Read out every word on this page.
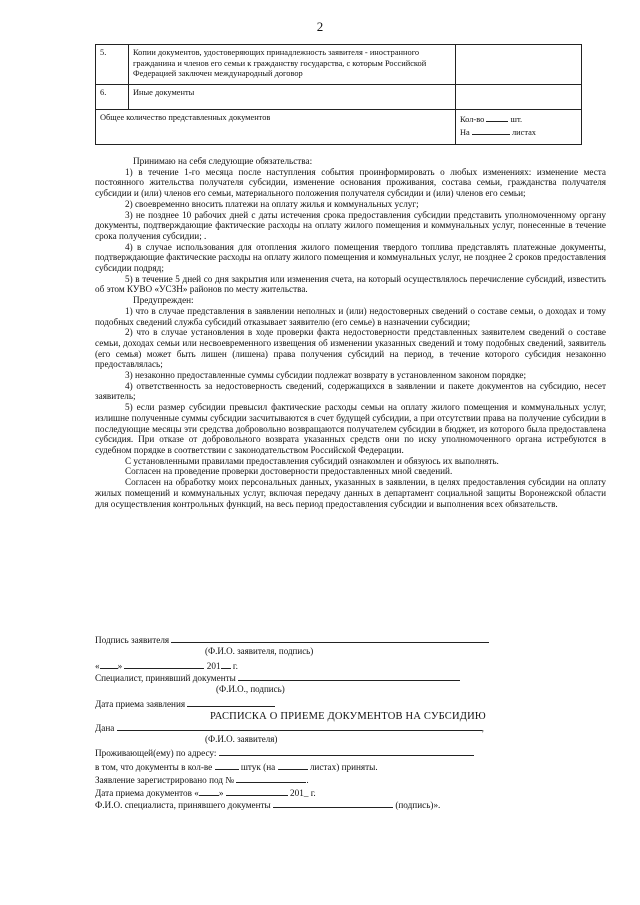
2
5.	Копии документов, удостоверяющих принадлежность заявителя - иностранного гражданина и членов его семьи к гражданству государства, с которым Российской Федерацией заключен международный договор	
6.	Иные документы	
Общее количество представленных документов		Кол-во шт.
На листах

Принимаю на себя следующие обязательства:

1) в течение 1-го месяца после наступления события проинформировать о любых изменениях: изменение места постоянного жительства получателя субсидии, изменение основания проживания, состава семьи, гражданства получателя субсидии и (или) членов его семьи, материального положения получателя субсидии и (или) членов его семьи;

2) своевременно вносить платежи на оплату жилья и коммунальных услуг;

3) не позднее 10 рабочих дней с даты истечения срока предоставления субсидии представить уполномоченному органу документы, подтверждающие фактические расходы на оплату жилого помещения и коммунальных услуг, понесенные в течение срока получения субсидии; .

4) в случае использования для отопления жилого помещения твердого топлива представлять платежные документы, подтверждающие фактические расходы на оплату жилого помещения и коммунальных услуг, не позднее 2 сроков предоставления субсидии подряд;

5) в течение 5 дней со дня закрытия или изменения счета, на который осуществлялось перечисление субсидий, известить об этом КУВО «УСЗН» районов по месту жительства.

Предупрежден:

1) что в случае представления в заявлении неполных и (или) недостоверных сведений о составе семьи, о доходах и тому подобных сведений служба субсидий отказывает заявителю (его семье) в назначении субсидии;

2) что в случае установления в ходе проверки факта недостоверности представленных заявителем сведений о составе семьи, доходах семьи или несвоевременного извещения об изменении указанных сведений и тому подобных сведений, заявитель (его семья) может быть лишен (лишена) права получения субсидий на период, в течение которого субсидия незаконно предоставлялась;

3) незаконно предоставленные суммы субсидии подлежат возврату в установленном законом порядке;

4) ответственность за недостоверность сведений, содержащихся в заявлении и пакете документов на субсидию, несет заявитель;

5) если размер субсидии превысил фактические расходы семьи на оплату жилого помещения и коммунальных услуг, излишне полученные суммы субсидии засчитываются в счет будущей субсидии, а при отсутствии права на получение субсидии в последующие месяцы эти средства добровольно возвращаются получателем субсидии в бюджет, из которого была предоставлена субсидия. При отказе от добровольного возврата указанных средств они по иску уполномоченного органа истребуются в судебном порядке в соответствии с законодательством Российской Федерации.

С установленными правилами предоставления субсидий ознакомлен и обязуюсь их выполнять.

Согласен на проведение проверки достоверности предоставленных мной сведений.

Согласен на обработку моих персональных данных, указанных в заявлении, в целях предоставления субсидии на оплату жилых помещений и коммунальных услуг, включая передачу данных в департамент социальной защиты Воронежской области для осуществления контрольных функций, на весь период предоставления субсидии и выполнения всех обязательств.

Подпись заявителя
(Ф.И.О. заявителя, подпись)
« »	201 г.
Специалист, принявший документы
(Ф.И.О., подпись)
Дата приема заявления
РАСПИСКА О ПРИЕМЕ ДОКУМЕНТОВ НА СУБСИДИЮ
Дана	,
(Ф.И.О. заявителя)
Проживающей(ему) по адресу:
в том, что документы в кол-ве	штук (на	листах) приняты.
Заявление зарегистрировано под №	.
Дата приема документов « »	201_ г.
Ф.И.О. специалиста, принявшего документы	(подпись)».
